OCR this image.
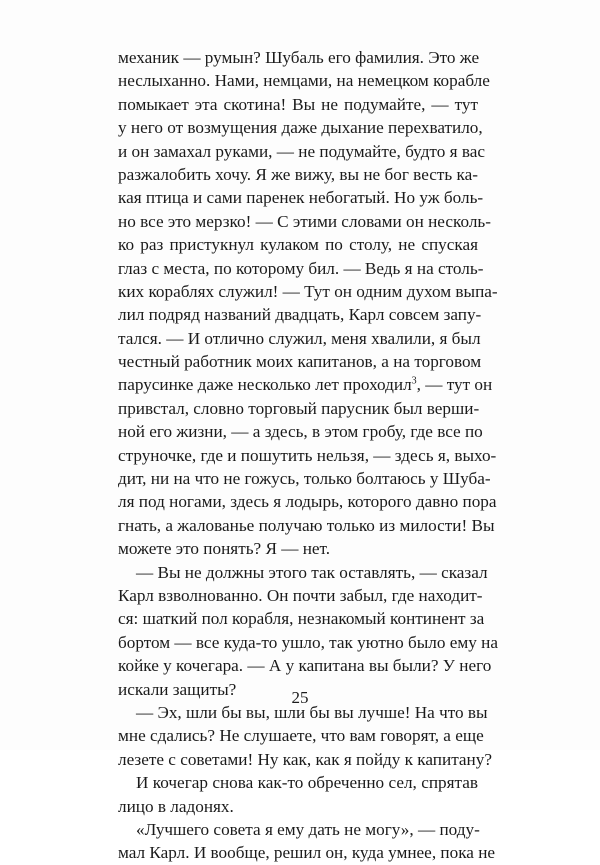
механик — румын? Шубаль его фамилия. Это же
неслыханно. Нами, немцами, на немецком корабле
помыкает эта скотина! Вы не подумайте, — тут
у него от возмущения даже дыхание перехватило,
и он замахал руками, — не подумайте, будто я вас
разжалобить хочу. Я же вижу, вы не бог весть ка-
кая птица и сами паренек небогатый. Но уж боль-
но все это мерзко! — С этими словами он несколь-
ко раз пристукнул кулаком по столу, не спуская
глаз с места, по которому бил. — Ведь я на столь-
ких кораблях служил! — Тут он одним духом выпа-
лил подряд названий двадцать, Карл совсем запу-
тался. — И отлично служил, меня хвалили, я был
честный работник моих капитанов, а на торговом
парусинке даже несколько лет проходил$^3$, — тут он
привстал, словно торговый парусник был верши-
ной его жизни, — а здесь, в этом гробу, где все по
струночке, где и пошутить нельзя, — здесь я, выхо-
дит, ни на что не гожусь, только болтаюсь у Шуба-
ля под ногами, здесь я лодырь, которого давно пора
гнать, а жалованье получаю только из милости! Вы
можете это понять? Я — нет.
— Вы не должны этого так оставлять, — сказал
Карл взволнованно. Он почти забыл, где находит-
ся: шаткий пол корабля, незнакомый континент за
бортом — все куда-то ушло, так уютно было ему на
койке у кочегара. — А у капитана вы были? У него
искали защиты?
— Эх, шли бы вы, шли бы вы лучше! На что вы
мне сдались? Не слушаете, что вам говорят, а еще
лезете с советами! Ну как, как я пойду к капитану?
И кочегар снова как-то обреченно сел, спрятав
лицо в ладонях.
«Лучшего совета я ему дать не могу», — поду-
мал Карл. И вообще, решил он, куда умнее, пока не
25
